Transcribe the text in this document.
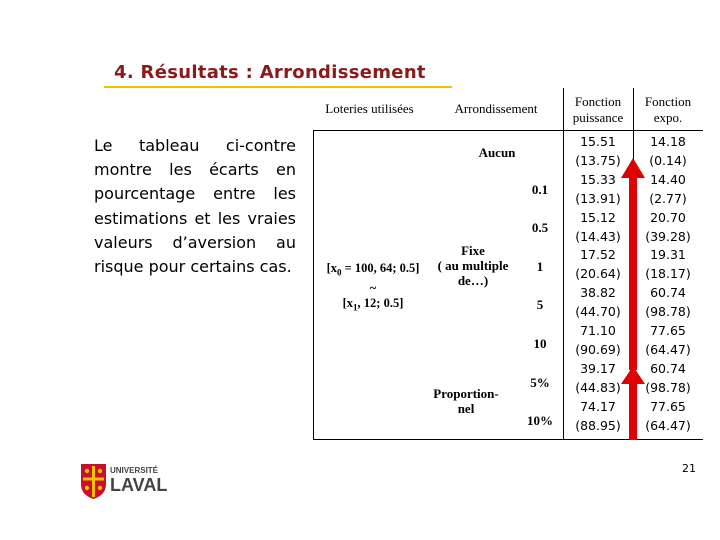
4. Résultats : Arrondissement
Le tableau ci-contre montre les écarts en pourcentage entre les estimations et les vraies valeurs d’aversion au risque pour certains cas.
Loteries utilisées	Arrondissement	Fonction
puissance
Fonction
expo.
[$x_0 = 100$, 64; 0.5]
~
[$x_1$, 12; 0.5]
Aucun
Fixe
( au multiple
de…)
0.1
0.5
1
5
10
Proportion-
nel
5%
10%
15.51
(13.75)
15.33
(13.91)
15.12
(14.43)
17.52
(20.64)
38.82
(44.70)
71.10
(90.69)
39.17
(44.83)
74.17
(88.95)
14.18
(0.14)
14.40
(2.77)
20.70
(39.28)
19.31
(18.17)
60.74
(98.78)
77.65
(64.47)
60.74
(98.78)
77.65
(64.47)
UNIVERSITÉ
LAVAL
21
